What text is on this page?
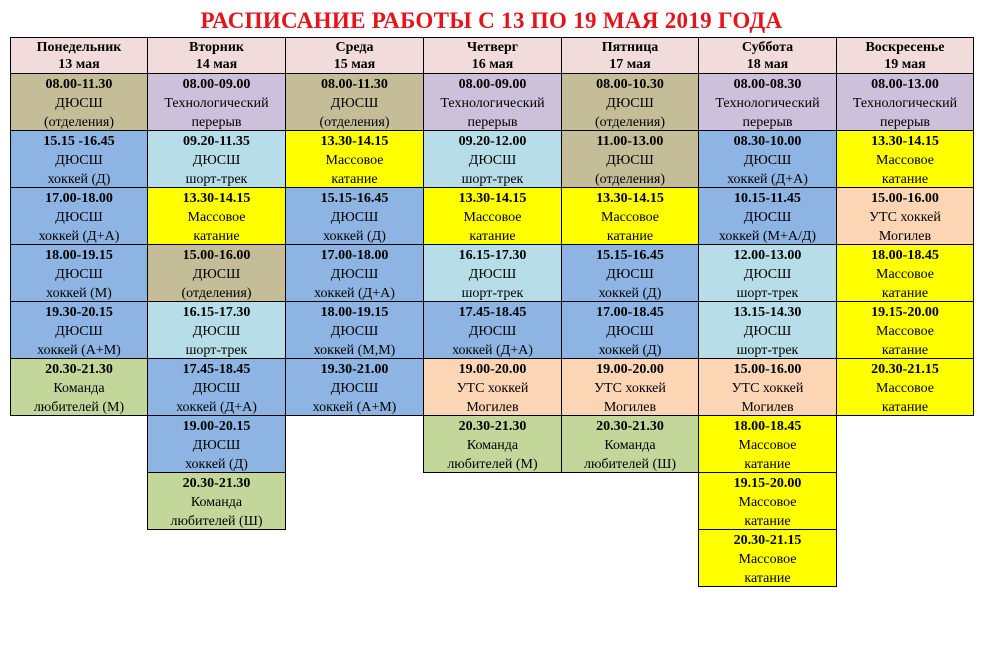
РАСПИСАНИЕ РАБОТЫ С 13 ПО 19 МАЯ 2019 ГОДА
Понедельник
13 мая
08.00-11.30
ДЮСШ
(отделения)
15.15 -16.45
ДЮСШ
хоккей (Д)
17.00-18.00
ДЮСШ
хоккей (Д+А)
18.00-19.15
ДЮСШ
хоккей (М)
19.30-20.15
ДЮСШ
хоккей (А+М)
20.30-21.30
Команда
любителей (М)
Вторник
14 мая
08.00-09.00
Технологический
перерыв
09.20-11.35
ДЮСШ
шорт-трек
13.30-14.15
Массовое
катание
15.00-16.00
ДЮСШ
(отделения)
16.15-17.30
ДЮСШ
шорт-трек
17.45-18.45
ДЮСШ
хоккей (Д+А)
19.00-20.15
ДЮСШ
хоккей (Д)
20.30-21.30
Команда
любителей (Ш)
Среда
15 мая
08.00-11.30
ДЮСШ
(отделения)
13.30-14.15
Массовое
катание
15.15-16.45
ДЮСШ
хоккей (Д)
17.00-18.00
ДЮСШ
хоккей (Д+А)
18.00-19.15
ДЮСШ
хоккей (М,М)
19.30-21.00
ДЮСШ
хоккей (А+М)
Четверг
16 мая
08.00-09.00
Технологический
перерыв
09.20-12.00
ДЮСШ
шорт-трек
13.30-14.15
Массовое
катание
16.15-17.30
ДЮСШ
шорт-трек
17.45-18.45
ДЮСШ
хоккей (Д+А)
19.00-20.00
УТС хоккей
Могилев
20.30-21.30
Команда
любителей (М)
Пятница
17 мая
08.00-10.30
ДЮСШ
(отделения)
11.00-13.00
ДЮСШ
(отделения)
13.30-14.15
Массовое
катание
15.15-16.45
ДЮСШ
хоккей (Д)
17.00-18.45
ДЮСШ
хоккей (Д)
19.00-20.00
УТС хоккей
Могилев
20.30-21.30
Команда
любителей (Ш)
Суббота
18 мая
08.00-08.30
Технологический
перерыв
08.30-10.00
ДЮСШ
хоккей (Д+А)
10.15-11.45
ДЮСШ
хоккей (М+А/Д)
12.00-13.00
ДЮСШ
шорт-трек
13.15-14.30
ДЮСШ
шорт-трек
15.00-16.00
УТС хоккей
Могилев
18.00-18.45
Массовое
катание
19.15-20.00
Массовое
катание
20.30-21.15
Массовое
катание
Воскресенье
19 мая
08.00-13.00
Технологический
перерыв
13.30-14.15
Массовое
катание
15.00-16.00
УТС хоккей
Могилев
18.00-18.45
Массовое
катание
19.15-20.00
Массовое
катание
20.30-21.15
Массовое
катание
